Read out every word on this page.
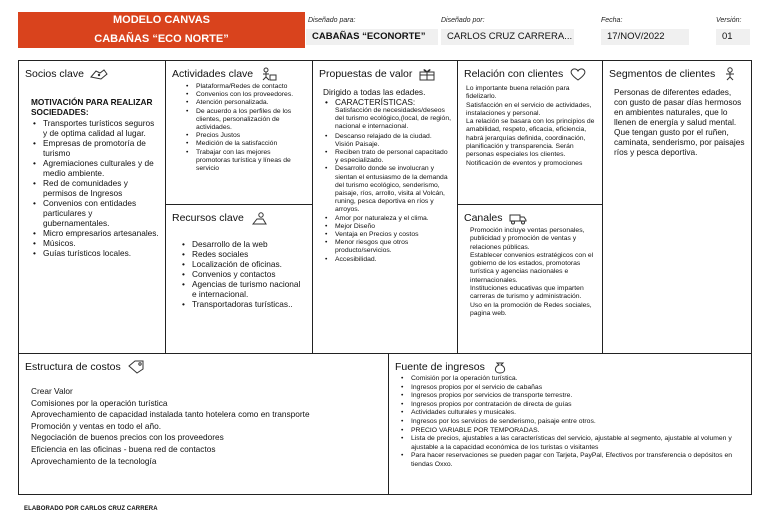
MODELO CANVAS
CABAÑAS “ECO NORTE”
Diseñado para:
CABAÑAS “ECONORTE”
Diseñado por:
CARLOS CRUZ CARRERA...
Fecha:
17/NOV/2022
Versión:
01
Socios clave
MOTIVACIÓN PARA REALIZAR SOCIEDADES:
• Transportes turísticos seguros y de optima calidad al lugar.
• Empresas de promotoría de turismo
• Agremiaciones culturales y de medio ambiente.
• Red de comunidades y permisos de Ingresos
• Convenios con entidades particulares y gubernamentales.
• Micro empresarios artesanales.
• Músicos.
• Guías turísticos locales.
Actividades clave
• Plataforma/Redes de contacto
• Convenios con los proveedores.
• Atención personalizada.
• De acuerdo a los perfiles de los clientes, personalización de actividades.
• Precios Justos
• Medición de la satisfacción
• Trabajar con las mejores promotoras turística y líneas de servicio
Recursos clave
• Desarrollo de la web
• Redes sociales
• Localización de oficinas.
• Convenios y contactos
• Agencias de turismo nacional e internacional.
• Transportadoras turísticas..
Propuestas de valor
Dirigido a todas las edades.
• CARACTERÍSTICAS:
Satisfacción de necesidades/deseos del turismo ecológico,(local, de región, nacional e internacional.
• Descanso relajado de la ciudad. Visión Paisaje.
• Reciben trato de personal capacitado y especializado.
• Desarrollo donde se involucran y sientan el entusiasmo de la demanda del turismo ecológico, senderismo, paisaje, ríos, arrollo, visita al Volcán, runing, pesca deportiva en ríos y arroyos.
• Amor por naturaleza y el clima.
• Mejor Diseño
• Ventaja en Precios y costos
• Menor riesgos que otros producto/servicios.
• Accesibilidad.
Relación con clientes
Lo importante buena relación para fidelizarlo.
Satisfacción en el servicio de actividades, instalaciones y personal.
La relación se basara con los principios de amabilidad, respeto, eficacia, eficiencia, habrá jerarquías definida, coordinación, planificación y transparencia. Serán personas especiales los clientes. Notificación de eventos y promociones
Canales
Promoción incluye ventas personales, publicidad y promoción de ventas y relaciones públicas.
Establecer convenios estratégicos con el gobierno de los estados, promotoras turística y agencias nacionales e internacionales.
Instituciones educativas que imparten carreras de turismo y administración.
Uso en la promoción de Redes sociales, pagina web.
Segmentos de clientes
Personas de diferentes edades, con gusto de pasar días hermosos en ambientes naturales, que lo llenen de energía y salud mental.
Que tengan gusto por el ruñen, caminata, senderismo, por paisajes ríos y pesca deportiva.
Estructura de costos
Crear Valor
Comisiones por la operación turística
Aprovechamiento de capacidad instalada tanto hotelera como en transporte
Promoción y ventas en todo el año.
Negociación de buenos precios con los proveedores
Eficiencia en las oficinas - buena red de contactos
Aprovechamiento de la tecnología
Fuente de ingresos
• Comisión por la operación turística.
• Ingresos propios por el servicio de cabañas
• Ingresos propios por servicios de transporte terrestre.
• Ingresos propios por contratación de directa de guías
• Actividades culturales y musicales.
• Ingresos por los servicios de senderismo, paisaje entre otros.
• PRECIO VARIABLE POR TEMPORADAS.
• Lista de precios, ajustables a las características del servicio, ajustable al segmento, ajustable al volumen y ajustable a la capacidad económica de los turistas o visitantes
• Para hacer reservaciones se pueden pagar con Tarjeta, PayPal, Efectivos por transferencia o depósitos en tiendas Oxxo.
ELABORADO POR CARLOS CRUZ CARRERA
